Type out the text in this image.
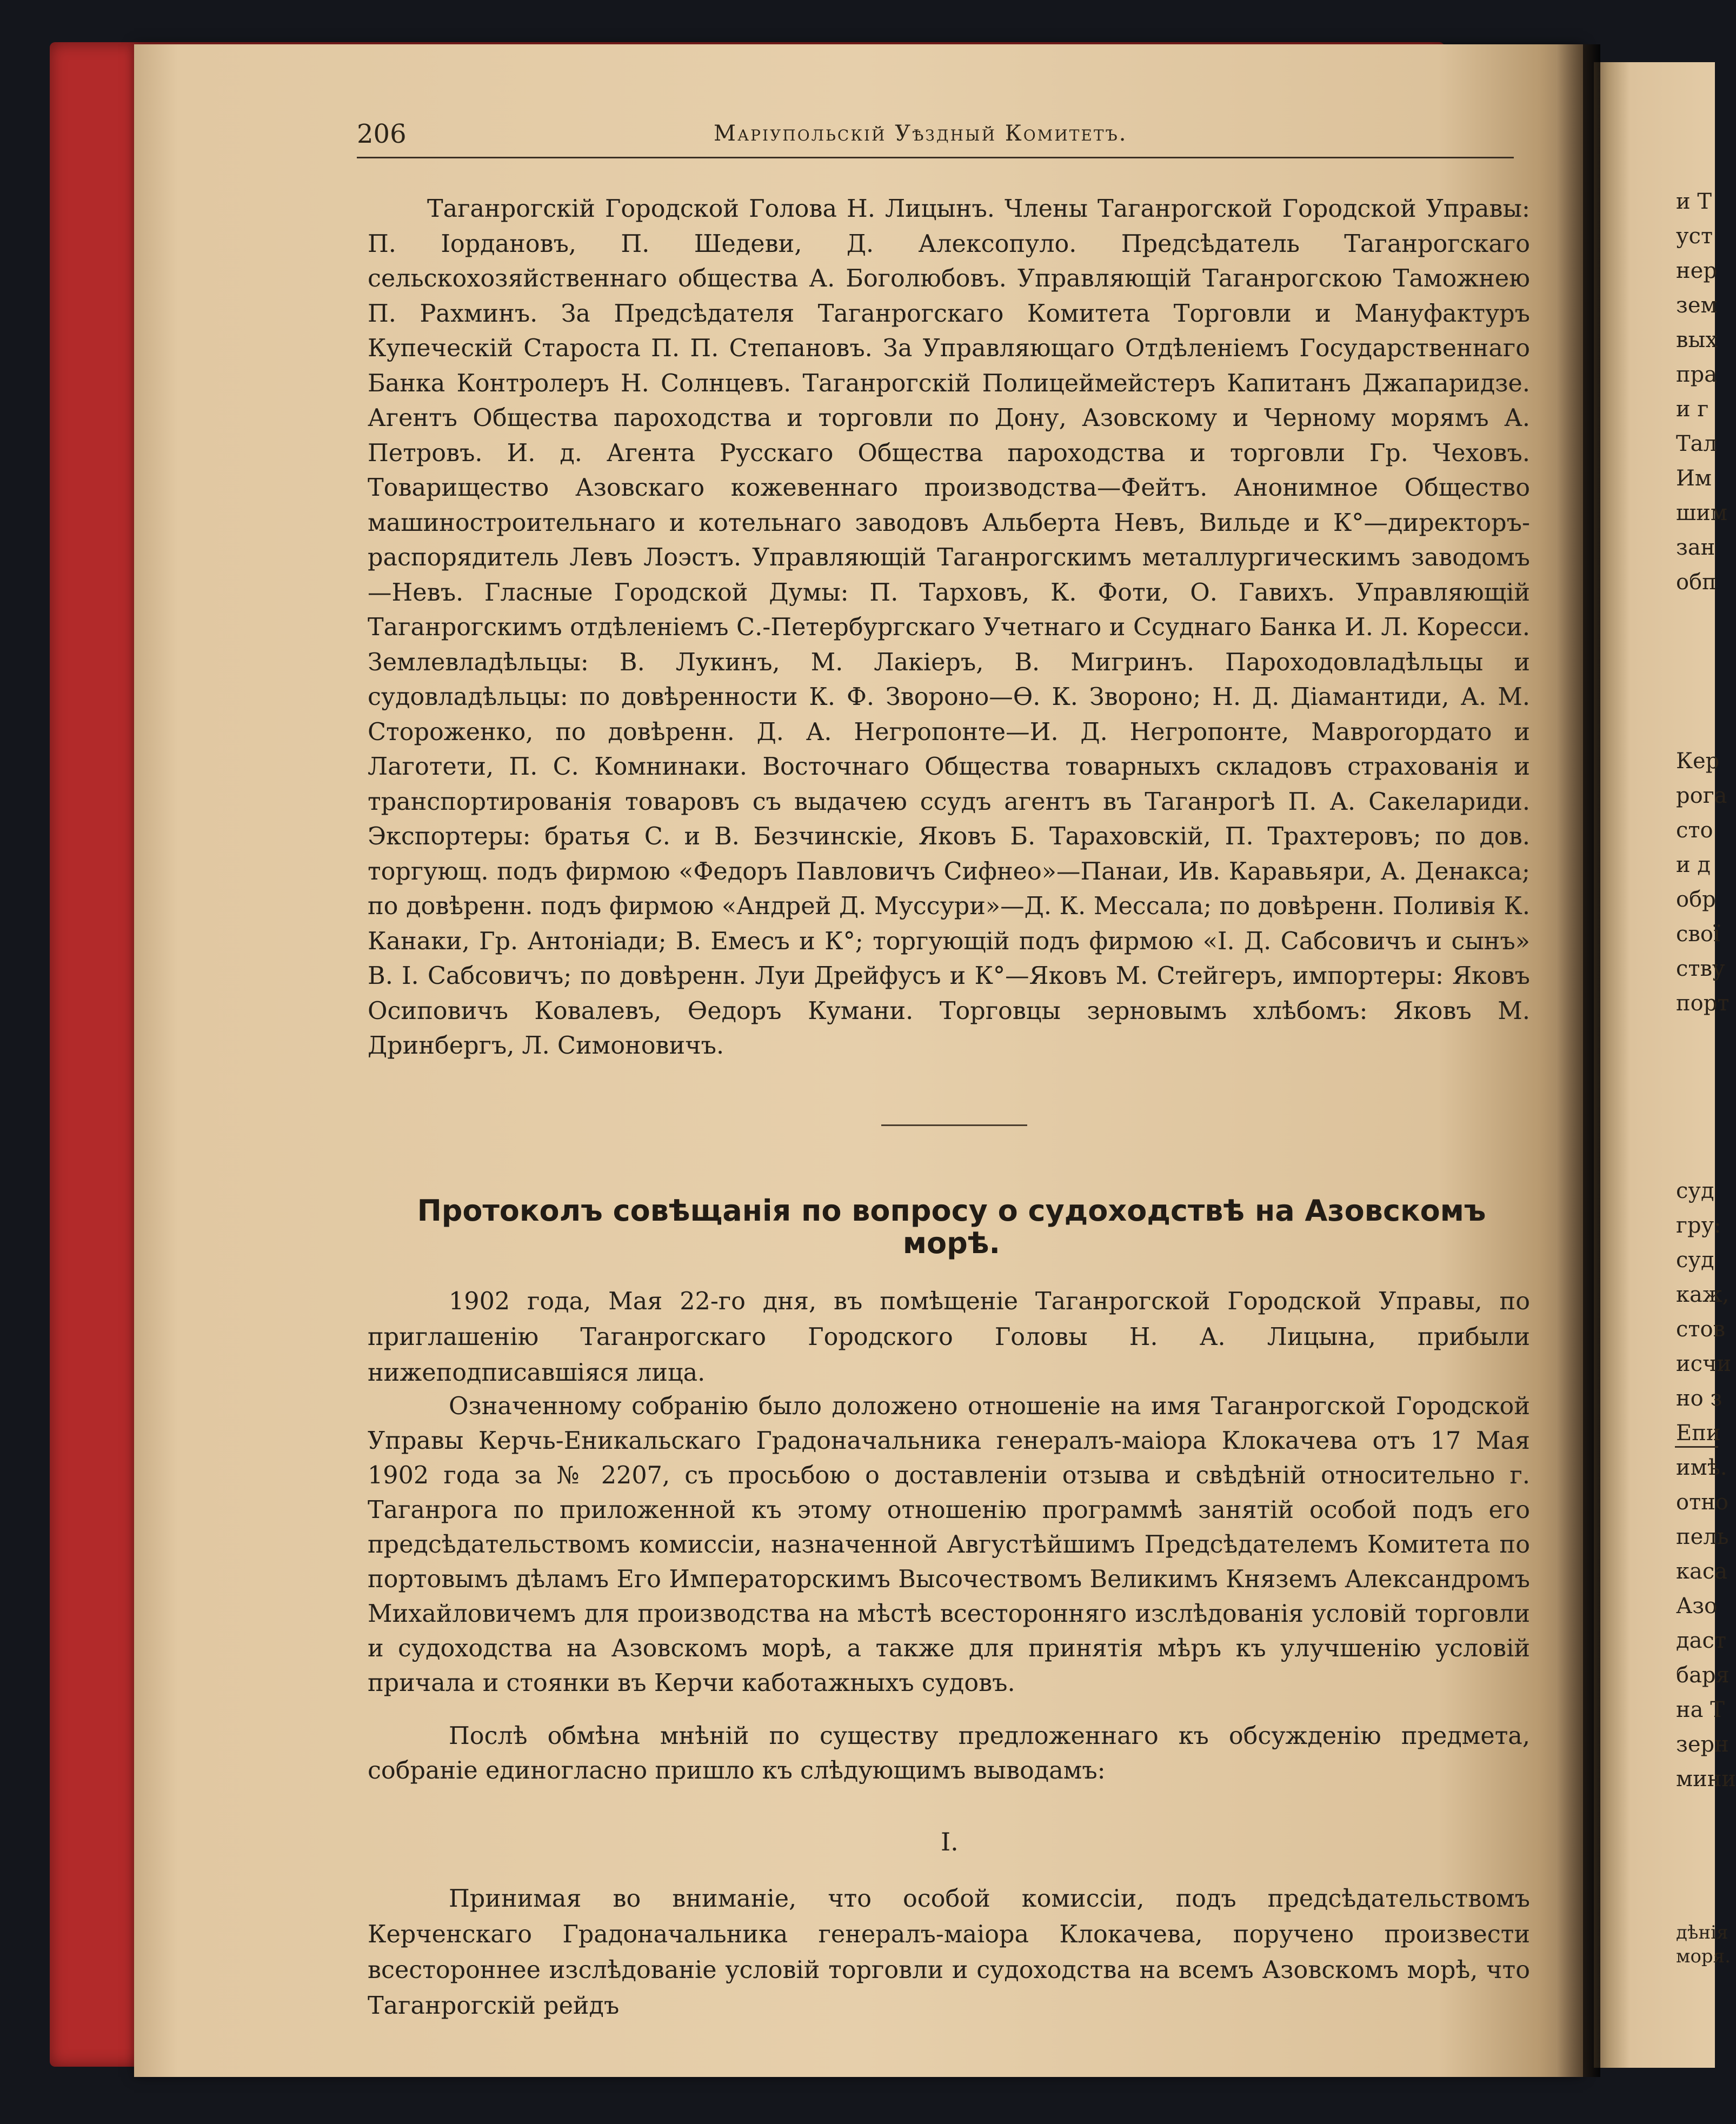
и Т
уст
нер
зем
вых
пра
и г
Тал
Им
шим
зан
обп
Кер
рога
сто
и д
обр
свої
ству
порт
суд
гру:
суд
каж,
стов
исчи
но з
Епи
имѣ.
отно
пель
каса
Азо
даст
баря
на Т
зерн
мини
дѣнія
моря.
206	Маріупольскій Уѣздный Комитетъ.

Таганрогскій Городской Голова Н. Лицынъ. Члены Таганрогской Городской Управы: П. Іордановъ, П. Шедеви, Д. Алексопуло. Предсѣдатель Таганрогскаго сельскохозяйственнаго общества А. Боголюбовъ. Управляющій Таганрогскою Таможнею П. Рахминъ. За Предсѣдателя Таганрогскаго Комитета Торговли и Мануфактуръ Купеческій Староста П. П. Степановъ. За Управляющаго Отдѣленіемъ Государственнаго Банка Контролеръ Н. Солнцевъ. Таганрогскій Полицеймейстеръ Капитанъ Джапаридзе. Агентъ Общества пароходства и торговли по Дону, Азовскому и Черному морямъ А. Петровъ. И. д. Агента Русскаго Общества пароходства и торговли Гр. Чеховъ. Товарищество Азовскаго кожевеннаго производства—Фейтъ. Анонимное Общество машиностроительнаго и котельнаго заводовъ Альберта Невъ, Вильде и К°—директоръ-распорядитель Левъ Лоэстъ. Управляющій Таганрогскимъ металлургическимъ заводомъ—Невъ. Гласные Городской Думы: П. Тарховъ, К. Фоти, О. Гавихъ. Управляющій Таганрогскимъ отдѣленіемъ С.-Петербургскаго Учетнаго и Ссуднаго Банка И. Л. Коресси. Землевладѣльцы: В. Лукинъ, М. Лакіеръ, В. Мигринъ. Пароходовладѣльцы и судовладѣльцы: по довѣренности К. Ф. Звороно—Ѳ. К. Звороно; Н. Д. Діамантиди, А. М. Стороженко, по довѣренн. Д. А. Негропонте—И. Д. Негропонте, Мавроrордато и Лаготети, П. С. Комнинаки. Восточнаго Общества товарныхъ складовъ страхованія и транспортированія товаровъ съ выдачею ссудъ агентъ въ Таганрогѣ П. А. Сакелариди. Экспортеры: братья С. и В. Безчинскіе, Яковъ Б. Тараховскій, П. Трахтеровъ; по дов. торгующ. подъ фирмою «Федоръ Павловичъ Сифнео»—Панаи, Ив. Каравьяри, А. Денакса; по довѣренн. подъ фирмою «Андрей Д. Муссури»—Д. К. Мессала; по довѣренн. Поливія К. Канаки, Гр. Антоніади; В. Емесъ и К°; торгующій подъ фирмою «І. Д. Сабсовичъ и сынъ» В. І. Сабсовичъ; по довѣренн. Луи Дрейфусъ и К°—Яковъ М. Стейгеръ, импортеры: Яковъ Осиповичъ Ковалевъ, Ѳедоръ Кумани. Торговцы зерновымъ хлѣбомъ: Яковъ М. Дринбергъ, Л. Симоновичъ.

Протоколъ совѣщанія по вопросу о судоходствѣ на Азовскомъ морѣ.

1902 года, Мая 22-го дня, въ помѣщеніе Таганрогской Городской Управы, по приглашенію Таганрогскаго Городского Головы Н. А. Лицына, прибыли нижеподписавшіяся лица.

Означенному собранію было доложено отношеніе на имя Таганрогской Городской Управы Керчь-Еникальскаго Градоначальника генералъ-маіора Клокачева отъ 17 Мая 1902 года за № 2207, съ просьбою о доставленіи отзыва и свѣдѣній относительно г. Таганрога по приложенной къ этому отношенію программѣ занятій особой подъ его предсѣдательствомъ комиссіи, назначенной Августѣйшимъ Предсѣдателемъ Комитета по портовымъ дѣламъ Его Императорскимъ Высочествомъ Великимъ Княземъ Александромъ Михайловичемъ для производства на мѣстѣ всесторонняго изслѣдованія условій торговли и судоходства на Азовскомъ морѣ, а также для принятія мѣръ къ улучшенію условій причала и стоянки въ Керчи каботажныхъ судовъ.

Послѣ обмѣна мнѣній по существу предложеннаго къ обсужденію предмета, собраніе единогласно пришло къ слѣдующимъ выводамъ:

I.

Принимая во вниманіе, что особой комиссіи, подъ предсѣдательствомъ Керченскаго Градоначальника генералъ-маіора Клокачева, поручено произвести всестороннее изслѣдованіе условій торговли и судоходства на всемъ Азовскомъ морѣ, что Таганрогскій рейдъ
